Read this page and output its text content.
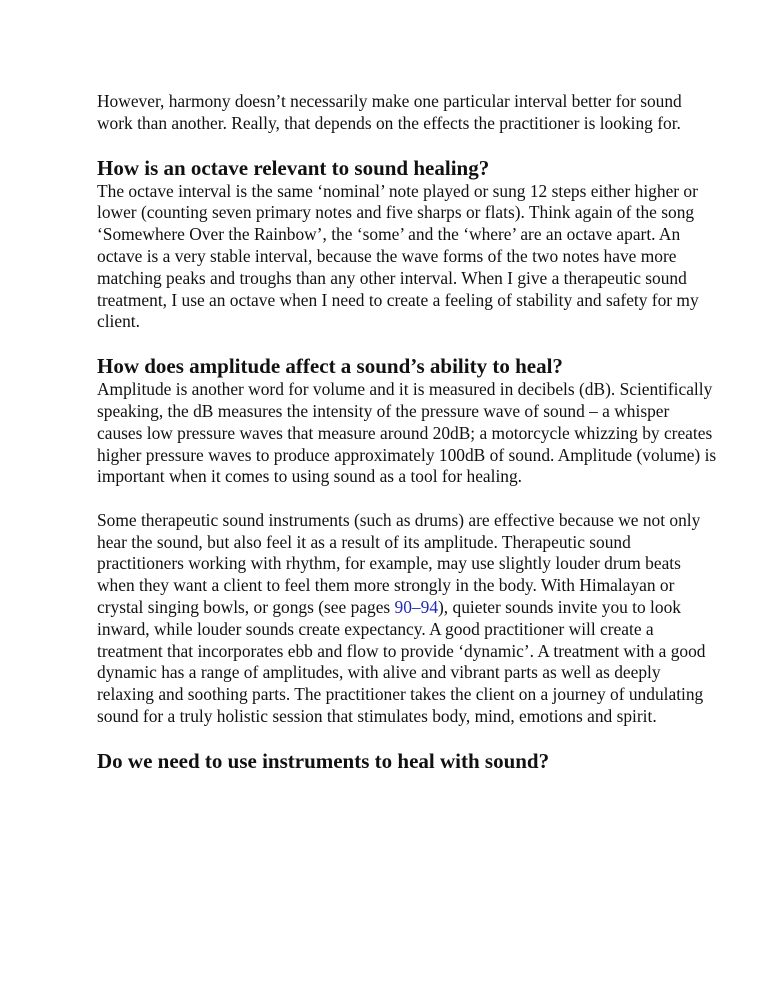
However, harmony doesn’t necessarily make one particular interval better for sound work than another. Really, that depends on the effects the practitioner is looking for.

How is an octave relevant to sound healing?

The octave interval is the same ‘nominal’ note played or sung 12 steps either higher or lower (counting seven primary notes and five sharps or flats). Think again of the song ‘Somewhere Over the Rainbow’, the ‘some’ and the ‘where’ are an octave apart. An octave is a very stable interval, because the wave forms of the two notes have more matching peaks and troughs than any other interval. When I give a therapeutic sound treatment, I use an octave when I need to create a feeling of stability and safety for my client.

How does amplitude affect a sound’s ability to heal?

Amplitude is another word for volume and it is measured in decibels (dB). Scientifically speaking, the dB measures the intensity of the pressure wave of sound – a whisper causes low pressure waves that measure around 20dB; a motorcycle whizzing by creates higher pressure waves to produce approximately 100dB of sound. Amplitude (volume) is important when it comes to using sound as a tool for healing.

Some therapeutic sound instruments (such as drums) are effective because we not only hear the sound, but also feel it as a result of its amplitude. Therapeutic sound practitioners working with rhythm, for example, may use slightly louder drum beats when they want a client to feel them more strongly in the body. With Himalayan or crystal singing bowls, or gongs (see pages 90–94), quieter sounds invite you to look inward, while louder sounds create expectancy. A good practitioner will create a treatment that incorporates ebb and flow to provide ‘dynamic’. A treatment with a good dynamic has a range of amplitudes, with alive and vibrant parts as well as deeply relaxing and soothing parts. The practitioner takes the client on a journey of undulating sound for a truly holistic session that stimulates body, mind, emotions and spirit.

Do we need to use instruments to heal with sound?
